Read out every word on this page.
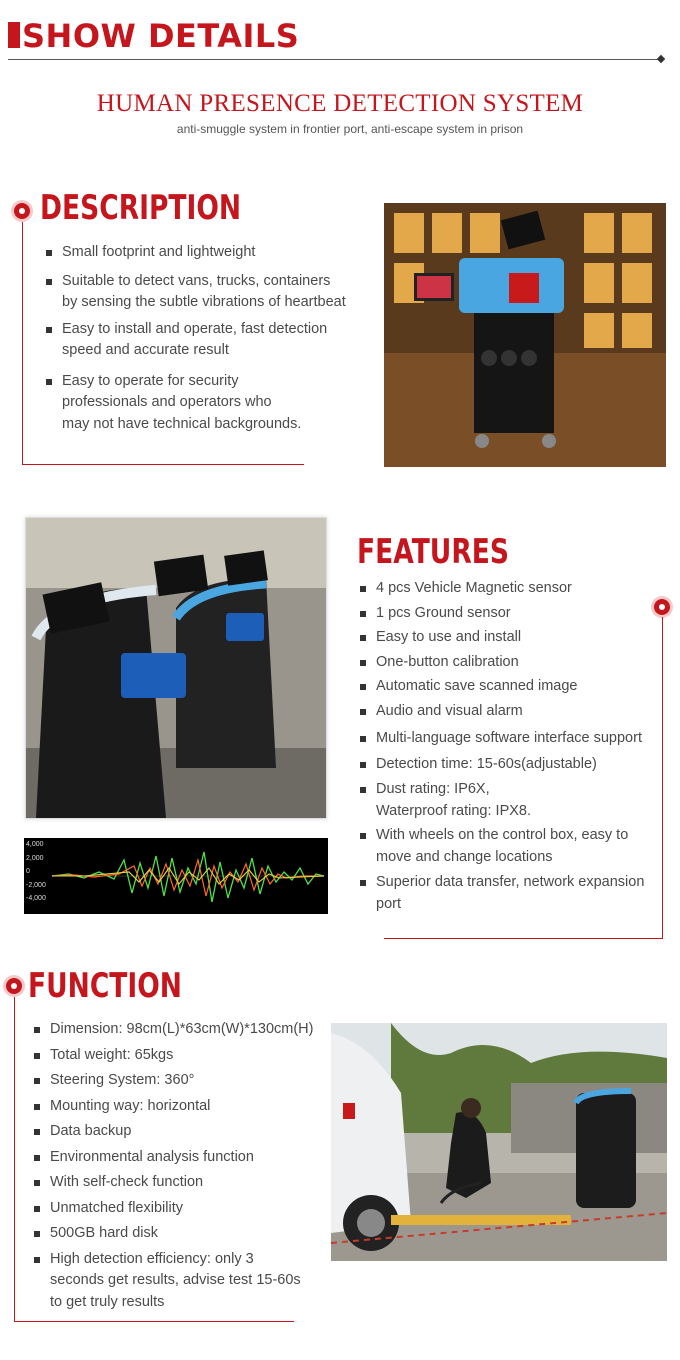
SHOW DETAILS
HUMAN PRESENCE DETECTION SYSTEM
anti-smuggle system in frontier port, anti-escape system in prison
DESCRIPTION
Small footprint and lightweight
Suitable to detect vans, trucks, containers
by sensing the subtle vibrations of heartbeat
Easy to install and operate, fast detection
speed and accurate result
Easy to operate for security
professionals and operators who
may not have technical backgrounds.
4,000
2,000
0
-2,000
-4,000
FEATURES
4 pcs Vehicle Magnetic sensor
1 pcs Ground sensor
Easy to use and install
One-button calibration
Automatic save scanned image
Audio and visual alarm
Multi-language software interface support
Detection time: 15-60s(adjustable)
Dust rating: IP6X,
Waterproof rating: IPX8.
With wheels on the control box, easy to
move and change locations
Superior data transfer, network expansion
port
FUNCTION
Dimension: 98cm(L)*63cm(W)*130cm(H)
Total weight: 65kgs
Steering System: 360°
Mounting way: horizontal
Data backup
Environmental analysis function
With self-check function
Unmatched flexibility
500GB hard disk
High detection efficiency: only 3
seconds get results, advise test 15-60s
to get truly results
